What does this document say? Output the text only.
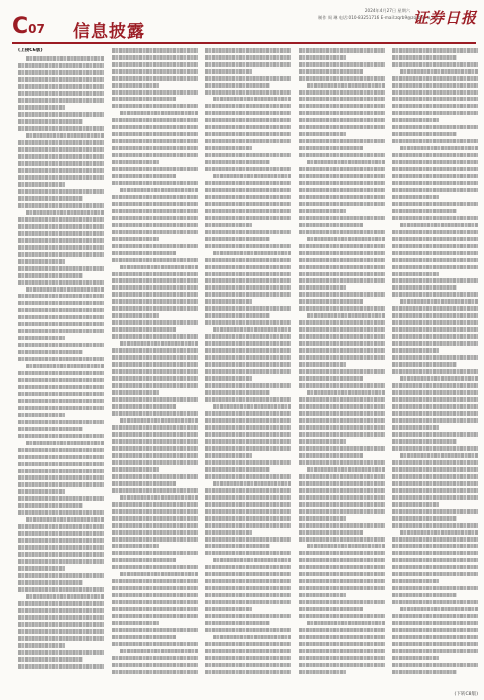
C 07 信息披露
2024年4月27日 星期六
制作 周 琳 电话:010-83251716 E-mail:zqrb9@zqrb.sina.net
证券日报
(上接C6版)
(下转C8版)
